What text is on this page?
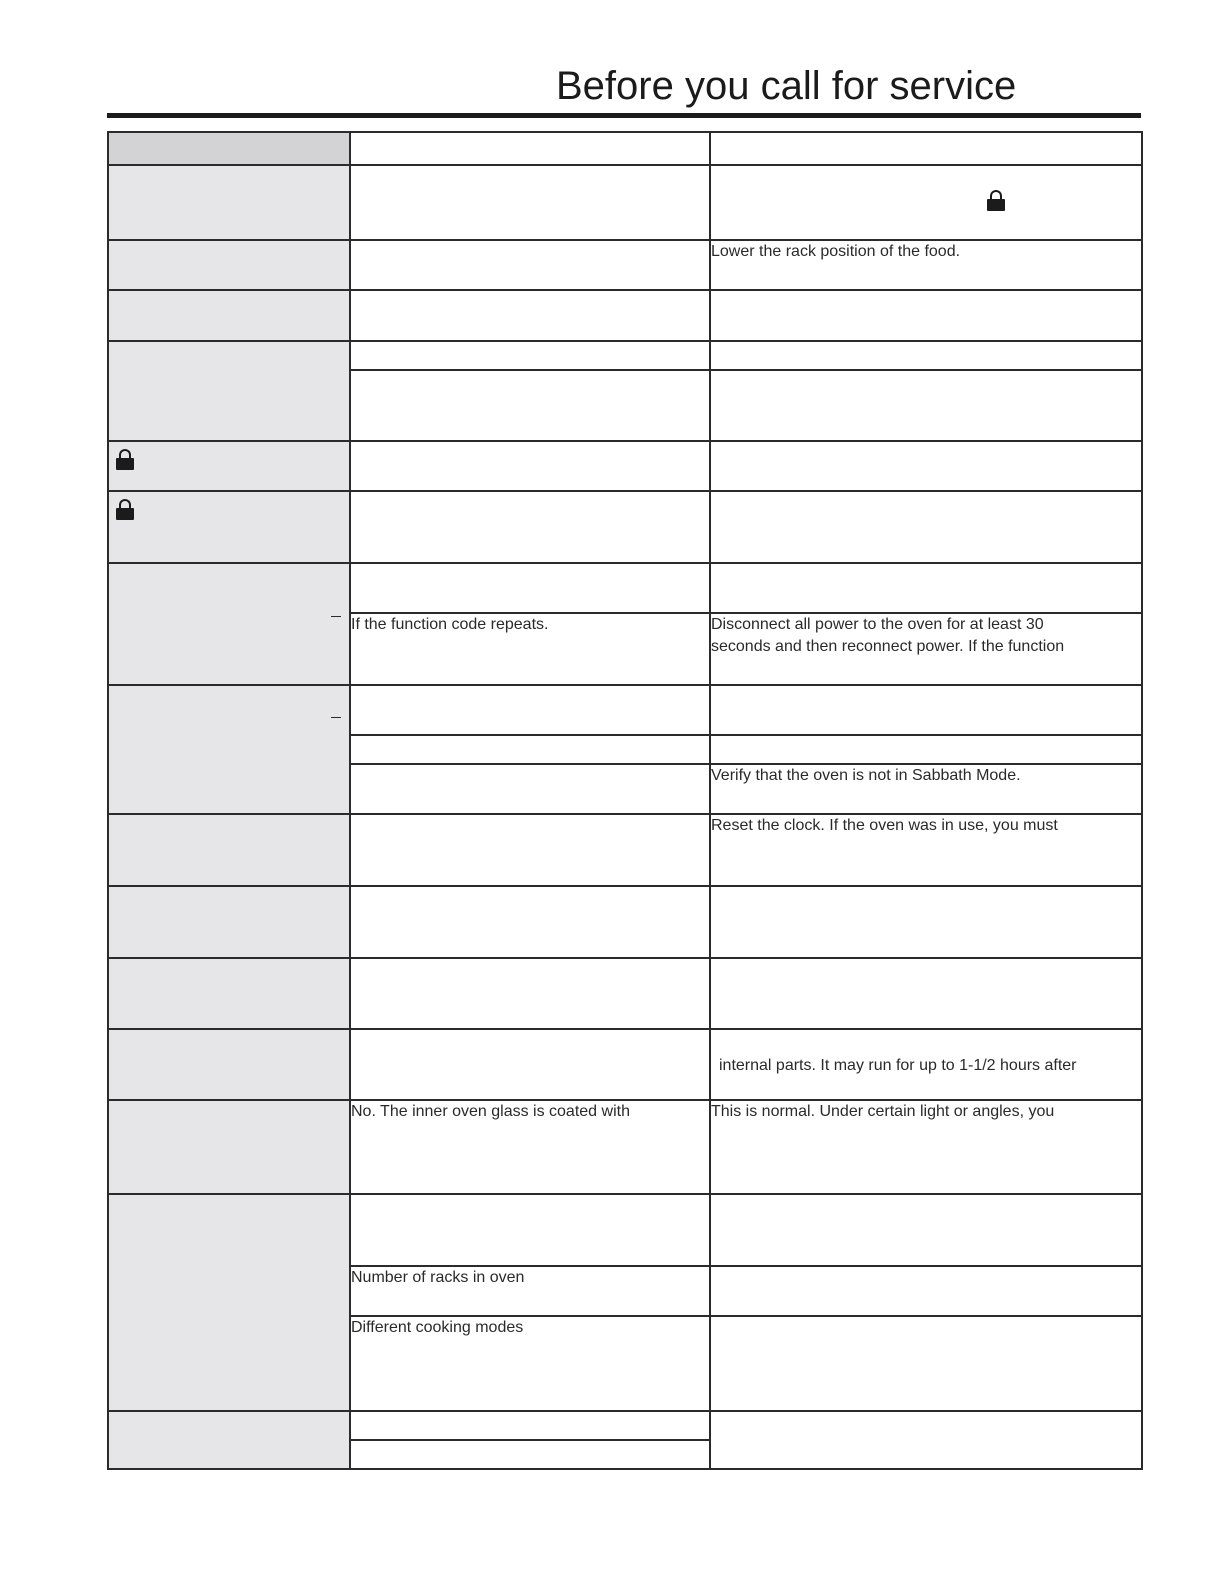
Before you call for service

		Lower the rack position of the food.

	If the function code repeats.	Disconnect all power to the oven for at least 30
seconds and then reconnect power. If the function

		Verify that the oven is not in Sabbath Mode.

		Reset the clock. If the oven was in use, you must

		internal parts. It may run for up to 1-1/2 hours after

	No. The inner oven glass is coated with	This is normal. Under certain light or angles, you

	Number of racks in oven	

	Different cooking modes	
